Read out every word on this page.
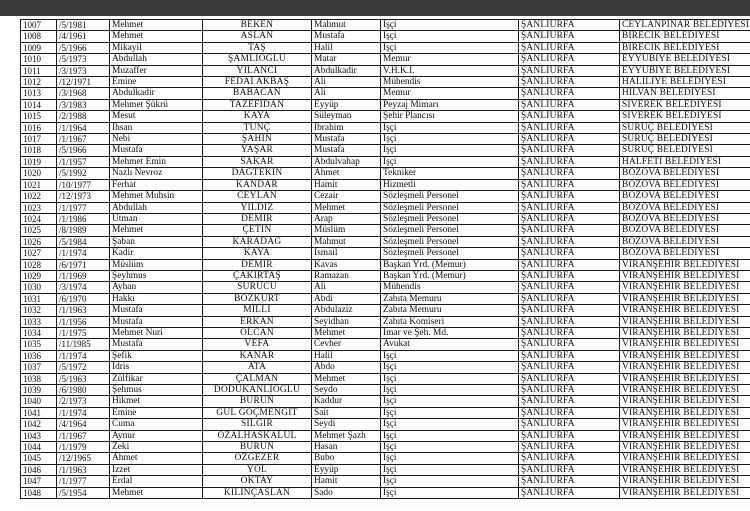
1007	/5/1981	Mehmet	BEKEN	Mahmut	İşçi	ŞANLIURFA	CEYLANPINAR BELEDİYESİ
1008	/4/1961	Mehmet	ASLAN	Mustafa	İşçi	ŞANLIURFA	BİRECİK BELEDİYESİ
1009	/5/1966	Mikayil	TAŞ	Halil	İşçi	ŞANLIURFA	BİRECİK BELEDİYESİ
1010	/5/1973	Abdullah	ŞAMLIOĞLU	Matar	Memur	ŞANLIURFA	EYYÜBİYE BELEDİYESİ
1011	/3/1973	Muzaffer	YILANCI	Abdulkadir	V.H.K.İ.	ŞANLIURFA	EYYÜBİYE BELEDİYESİ
1012	/12/1971	Emine	FEDAİ AKBAŞ	Ali	Mühendis	ŞANLIURFA	HALİLİYE BELEDİYESİ
1013	/3/1968	Abdulkadir	BABACAN	Ali	Memur	ŞANLIURFA	HİLVAN BELEDİYESİ
1014	/3/1983	Mehmet Şükrü	TAZEFİDAN	Eyyüp	Peyzaj Mimarı	ŞANLIURFA	SİVEREK BELEDİYESİ
1015	/2/1988	Mesut	KAYA	Süleyman	Şehir Plancısı	ŞANLIURFA	SİVEREK BELEDİYESİ
1016	/1/1964	İhsan	TUNÇ	İbrahim	İşçi	ŞANLIURFA	SURUÇ BELEDİYESİ
1017	/1/1967	Nebi	ŞAHİN	Mustafa	İşçi	ŞANLIURFA	SURUÇ BELEDİYESİ
1018	/5/1966	Mustafa	YAŞAR	Mustafa	İşçi	ŞANLIURFA	SURUÇ BELEDİYESİ
1019	/1/1957	Mehmet Emin	SAKAR	Abdulvahap	İşçi	ŞANLIURFA	HALFETİ BELEDİYESİ
1020	/5/1992	Nazlı Nevroz	DAĞTEKİN	Ahmet	Tekniker	ŞANLIURFA	BOZOVA BELEDİYESİ
1021	/10/1977	Ferhat	KANDAR	Hamit	Hizmetli	ŞANLIURFA	BOZOVA BELEDİYESİ
1022	/12/1973	Mehmet Muhsin	CEYLAN	Cezair	Sözleşmeli Personel	ŞANLIURFA	BOZOVA BELEDİYESİ
1023	/1/1977	Abdullah	YILDIZ	Mehmet	Sözleşmeli Personel	ŞANLIURFA	BOZOVA BELEDİYESİ
1024	/1/1986	Utman	DEMİR	Arap	Sözleşmeli Personel	ŞANLIURFA	BOZOVA BELEDİYESİ
1025	/8/1989	Mehmet	ÇETİN	Müslüm	Sözleşmeli Personel	ŞANLIURFA	BOZOVA BELEDİYESİ
1026	/5/1984	Şaban	KARADAĞ	Mahmut	Sözleşmeli Personel	ŞANLIURFA	BOZOVA BELEDİYESİ
1027	/1/1974	Kadir	KAYA	İsmail	Sözleşmeli Personel	ŞANLIURFA	BOZOVA BELEDİYESİ
1028	/6/1971	Müslüm	DEMİR	Kavas	Başkan Yrd. (Memur)	ŞANLIURFA	VİRANŞEHİR BELEDİYESİ
1029	/1/1969	Şeyhmus	ÇAKIRTAŞ	Ramazan	Başkan Yrd. (Memur)	ŞANLIURFA	VİRANŞEHİR BELEDİYESİ
1030	/3/1974	Ayhan	SÜRÜCÜ	Ali	Mühendis	ŞANLIURFA	VİRANŞEHİR BELEDİYESİ
1031	/6/1970	Hakkı	BOZKURT	Abdi	Zabıta Memuru	ŞANLIURFA	VİRANŞEHİR BELEDİYESİ
1032	/1/1963	Mustafa	MİLLİ	Abdulaziz	Zabıta Memuru	ŞANLIURFA	VİRANŞEHİR BELEDİYESİ
1033	/1/1956	Mustafa	ERKAN	Seyidhan	Zabıta Komiseri	ŞANLIURFA	VİRANŞEHİR BELEDİYESİ
1034	/1/1975	Mehmet Nuri	OLCAN	Mehmet	İmar ve Şeh. Md.	ŞANLIURFA	VİRANŞEHİR BELEDİYESİ
1035	/11/1985	Mustafa	VEFA	Cevher	Avukat	ŞANLIURFA	VİRANŞEHİR BELEDİYESİ
1036	/1/1974	Şefik	KANAR	Halil	İşçi	ŞANLIURFA	VİRANŞEHİR BELEDİYESİ
1037	/5/1972	İdris	ATA	Abdo	İşçi	ŞANLIURFA	VİRANŞEHİR BELEDİYESİ
1038	/5/1963	Zülfikar	ÇALMAN	Mehmet	İşçi	ŞANLIURFA	VİRANŞEHİR BELEDİYESİ
1039	/6/1980	Şehmus	DODUKANLIOĞLU	Seydo	İşçi	ŞANLIURFA	VİRANŞEHİR BELEDİYESİ
1040	/2/1973	Hikmet	BURUN	Kaddur	İşçi	ŞANLIURFA	VİRANŞEHİR BELEDİYESİ
1041	/1/1974	Emine	GÜL GÖÇMENGİT	Sait	İşçi	ŞANLIURFA	VİRANŞEHİR BELEDİYESİ
1042	/4/1964	Cuma	SİLGİR	Seydi	İşçi	ŞANLIURFA	VİRANŞEHİR BELEDİYESİ
1043	/1/1967	Aynur	ÖZALHASKALUL	Mehmet Şazh	İşçi	ŞANLIURFA	VİRANŞEHİR BELEDİYESİ
1044	/1/1979	Zeki	BURUN	Hasan	İşçi	ŞANLIURFA	VİRANŞEHİR BELEDİYESİ
1045	/12/1965	Ahmet	ÖZGEZER	Bubo	İşçi	ŞANLIURFA	VİRANŞEHİR BELEDİYESİ
1046	/1/1963	İzzet	YOL	Eyyüp	İşçi	ŞANLIURFA	VİRANŞEHİR BELEDİYESİ
1047	/1/1977	Erdal	OKTAY	Hamit	İşçi	ŞANLIURFA	VİRANŞEHİR BELEDİYESİ
1048	/5/1954	Mehmet	KILINÇASLAN	Sado	İşçi	ŞANLIURFA	VİRANŞEHİR BELEDİYESİ
